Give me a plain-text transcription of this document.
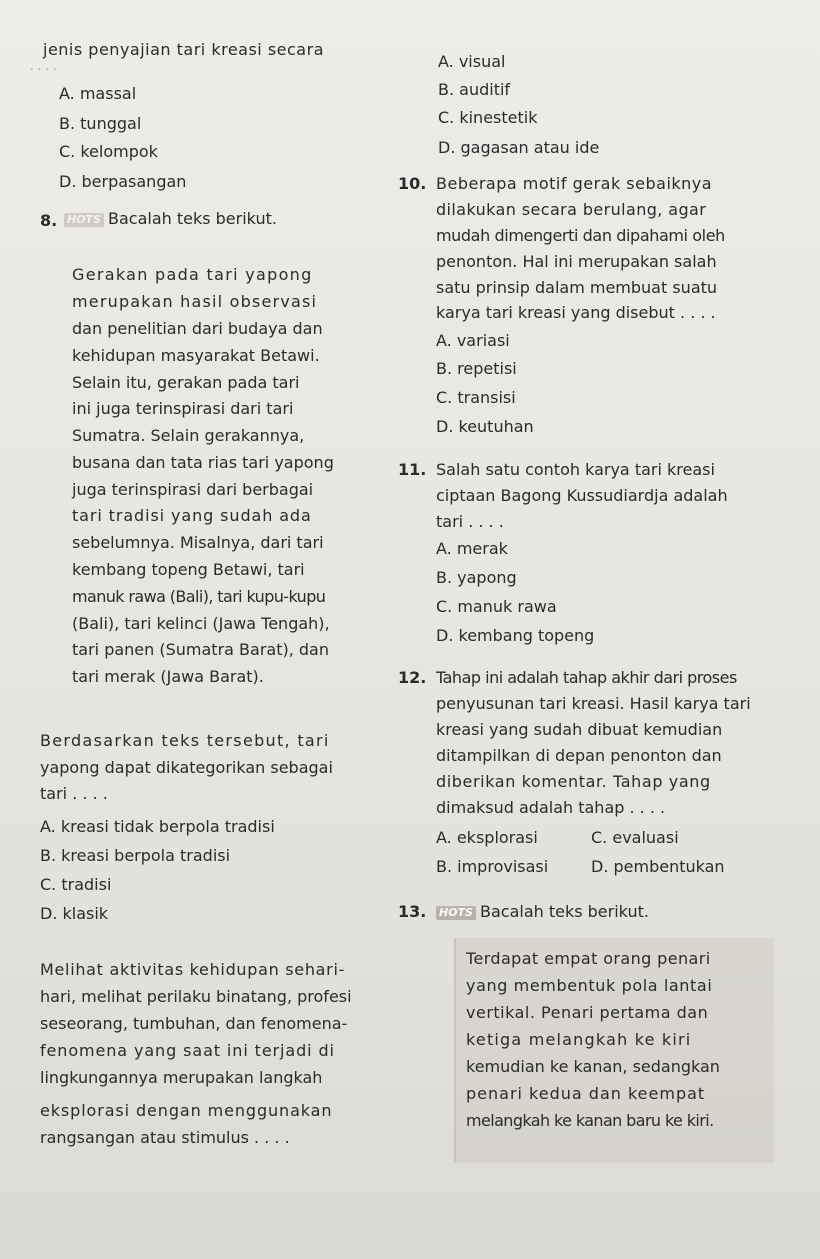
jenis penyajian tari kreasi secara
. . . .
A. massal
B. tunggal
C. kelompok
D. berpasangan
8. HOTS Bacalah teks berikut.
Gerakan pada tari yapong
merupakan hasil observasi
dan penelitian dari budaya dan
kehidupan masyarakat Betawi.
Selain itu, gerakan pada tari
ini juga terinspirasi dari tari
Sumatra. Selain gerakannya,
busana dan tata rias tari yapong
juga terinspirasi dari berbagai
tari tradisi yang sudah ada
sebelumnya. Misalnya, dari tari
kembang topeng Betawi, tari
manuk rawa (Bali), tari kupu-kupu
(Bali), tari kelinci (Jawa Tengah),
tari panen (Sumatra Barat), dan
tari merak (Jawa Barat).
Berdasarkan teks tersebut, tari
yapong dapat dikategorikan sebagai
tari . . . .
A. kreasi tidak berpola tradisi
B. kreasi berpola tradisi
C. tradisi
D. klasik
Melihat aktivitas kehidupan sehari-
hari, melihat perilaku binatang, profesi
seseorang, tumbuhan, dan fenomena-
fenomena yang saat ini terjadi di
lingkungannya merupakan langkah
eksplorasi dengan menggunakan
rangsangan atau stimulus . . . .
A. visual
B. auditif
C. kinestetik
D. gagasan atau ide
10. Beberapa motif gerak sebaiknya
dilakukan secara berulang, agar
mudah dimengerti dan dipahami oleh
penonton. Hal ini merupakan salah
satu prinsip dalam membuat suatu
karya tari kreasi yang disebut . . . .
A. variasi
B. repetisi
C. transisi
D. keutuhan
11. Salah satu contoh karya tari kreasi
ciptaan Bagong Kussudiardja adalah
tari . . . .
A. merak
B. yapong
C. manuk rawa
D. kembang topeng
12. Tahap ini adalah tahap akhir dari proses
penyusunan tari kreasi. Hasil karya tari
kreasi yang sudah dibuat kemudian
ditampilkan di depan penonton dan
diberikan komentar. Tahap yang
dimaksud adalah tahap . . . .
A. eksplorasi	C. evaluasi
B. improvisasi	D. pembentukan
13. HOTS Bacalah teks berikut.
Terdapat empat orang penari
yang membentuk pola lantai
vertikal. Penari pertama dan
ketiga melangkah ke kiri
kemudian ke kanan, sedangkan
penari kedua dan keempat
melangkah ke kanan baru ke kiri.
